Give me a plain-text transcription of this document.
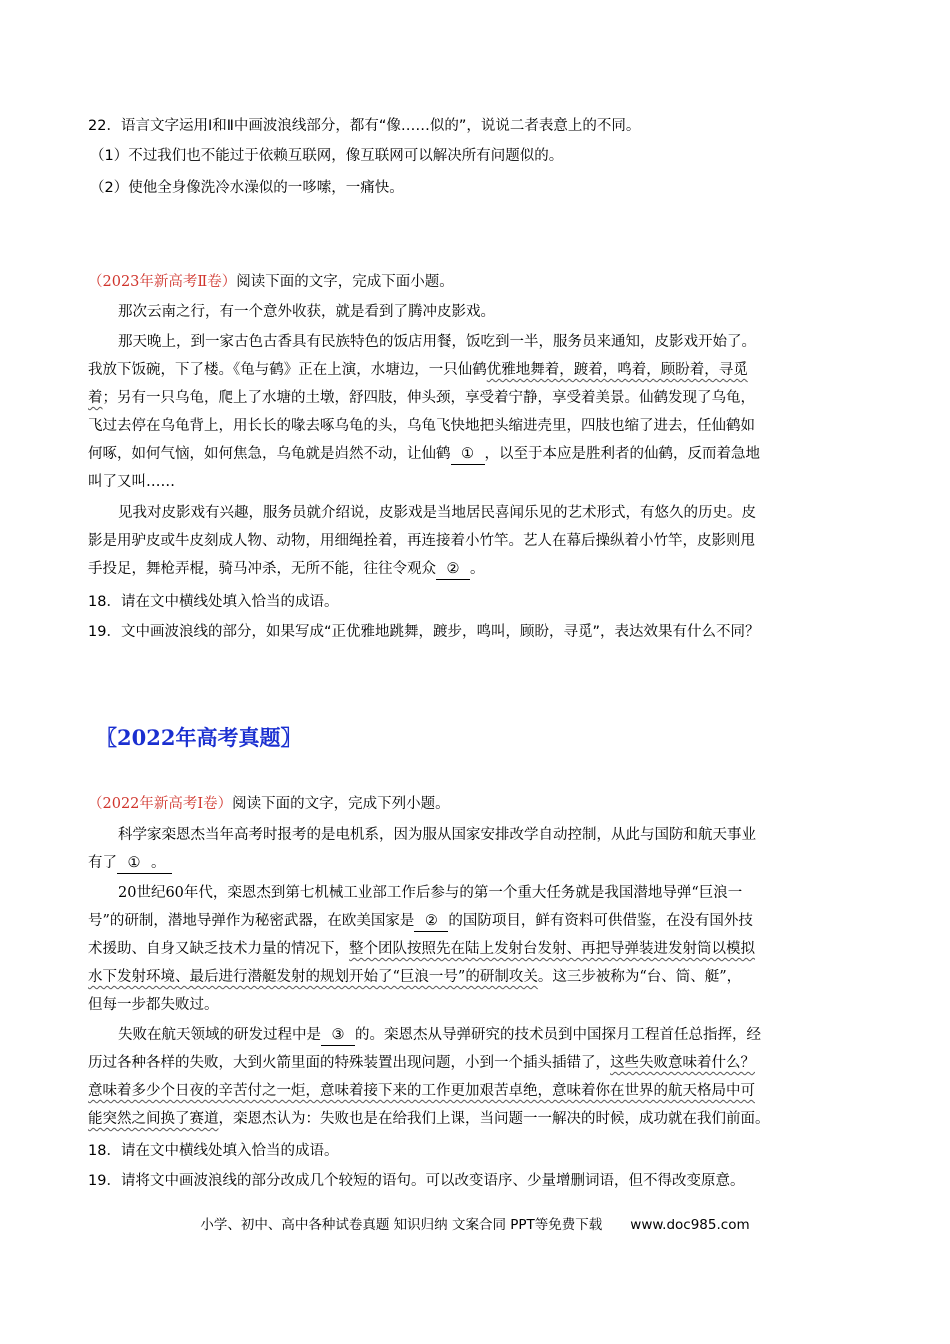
22．语言文字运用Ⅰ和Ⅱ中画波浪线部分，都有“像……似的”，说说二者表意上的不同。
（1）不过我们也不能过于依赖互联网，像互联网可以解决所有问题似的。
（2）使他全身像洗冷水澡似的一哆嗦，一痛快。
（2023年新高考Ⅱ卷）阅读下面的文字，完成下面小题。
那次云南之行，有一个意外收获，就是看到了腾冲皮影戏。
那天晚上，到一家古色古香具有民族特色的饭店用餐，饭吃到一半，服务员来通知，皮影戏开始了。
我放下饭碗，下了楼。《龟与鹤》正在上演，水塘边，一只仙鹤优雅地舞着，踱着，鸣着，顾盼着，寻觅
着；另有一只乌龟，爬上了水塘的土墩，舒四肢，伸头颈，享受着宁静，享受着美景。仙鹤发现了乌龟，
飞过去停在乌龟背上，用长长的喙去啄乌龟的头，乌龟飞快地把头缩进壳里，四肢也缩了进去，任仙鹤如
何啄，如何气恼，如何焦急，乌龟就是岿然不动，让仙鹤 ① ，以至于本应是胜利者的仙鹤，反而着急地
叫了又叫……
见我对皮影戏有兴趣，服务员就介绍说，皮影戏是当地居民喜闻乐见的艺术形式，有悠久的历史。皮
影是用驴皮或牛皮刻成人物、动物，用细绳拴着，再连接着小竹竿。艺人在幕后操纵着小竹竿，皮影则甩
手投足，舞枪弄棍，骑马冲杀，无所不能，往往令观众 ② 。
18．请在文中横线处填入恰当的成语。
19．文中画波浪线的部分，如果写成“正优雅地跳舞，踱步，鸣叫，顾盼，寻觅”，表达效果有什么不同？
〖2022年高考真题〗
（2022年新高考Ⅰ卷）阅读下面的文字，完成下列小题。
科学家栾恩杰当年高考时报考的是电机系，因为服从国家安排改学自动控制，从此与国防和航天事业
有了 ① 。
20世纪60年代，栾恩杰到第七机械工业部工作后参与的第一个重大任务就是我国潜地导弹“巨浪一
号”的研制，潜地导弹作为秘密武器，在欧美国家是 ② 的国防项目，鲜有资料可供借鉴，在没有国外技
术援助、自身又缺乏技术力量的情况下，整个团队按照先在陆上发射台发射、再把导弹装进发射筒以模拟
水下发射环境、最后进行潜艇发射的规划开始了“巨浪一号”的研制攻关。这三步被称为“台、筒、艇”，
但每一步都失败过。
失败在航天领域的研发过程中是 ③ 的。栾恩杰从导弹研究的技术员到中国探月工程首任总指挥，经
历过各种各样的失败，大到火箭里面的特殊装置出现问题，小到一个插头插错了，这些失败意味着什么？
意味着多少个日夜的辛苦付之一炬，意味着接下来的工作更加艰苦卓绝，意味着你在世界的航天格局中可
能突然之间换了赛道，栾恩杰认为：失败也是在给我们上课，当问题一一解决的时候，成功就在我们前面。
18．请在文中横线处填入恰当的成语。
19．请将文中画波浪线的部分改成几个较短的语句。可以改变语序、少量增删词语，但不得改变原意。
小学、初中、高中各种试卷真题 知识归纳 文案合同 PPT等免费下载 www.doc985.com
